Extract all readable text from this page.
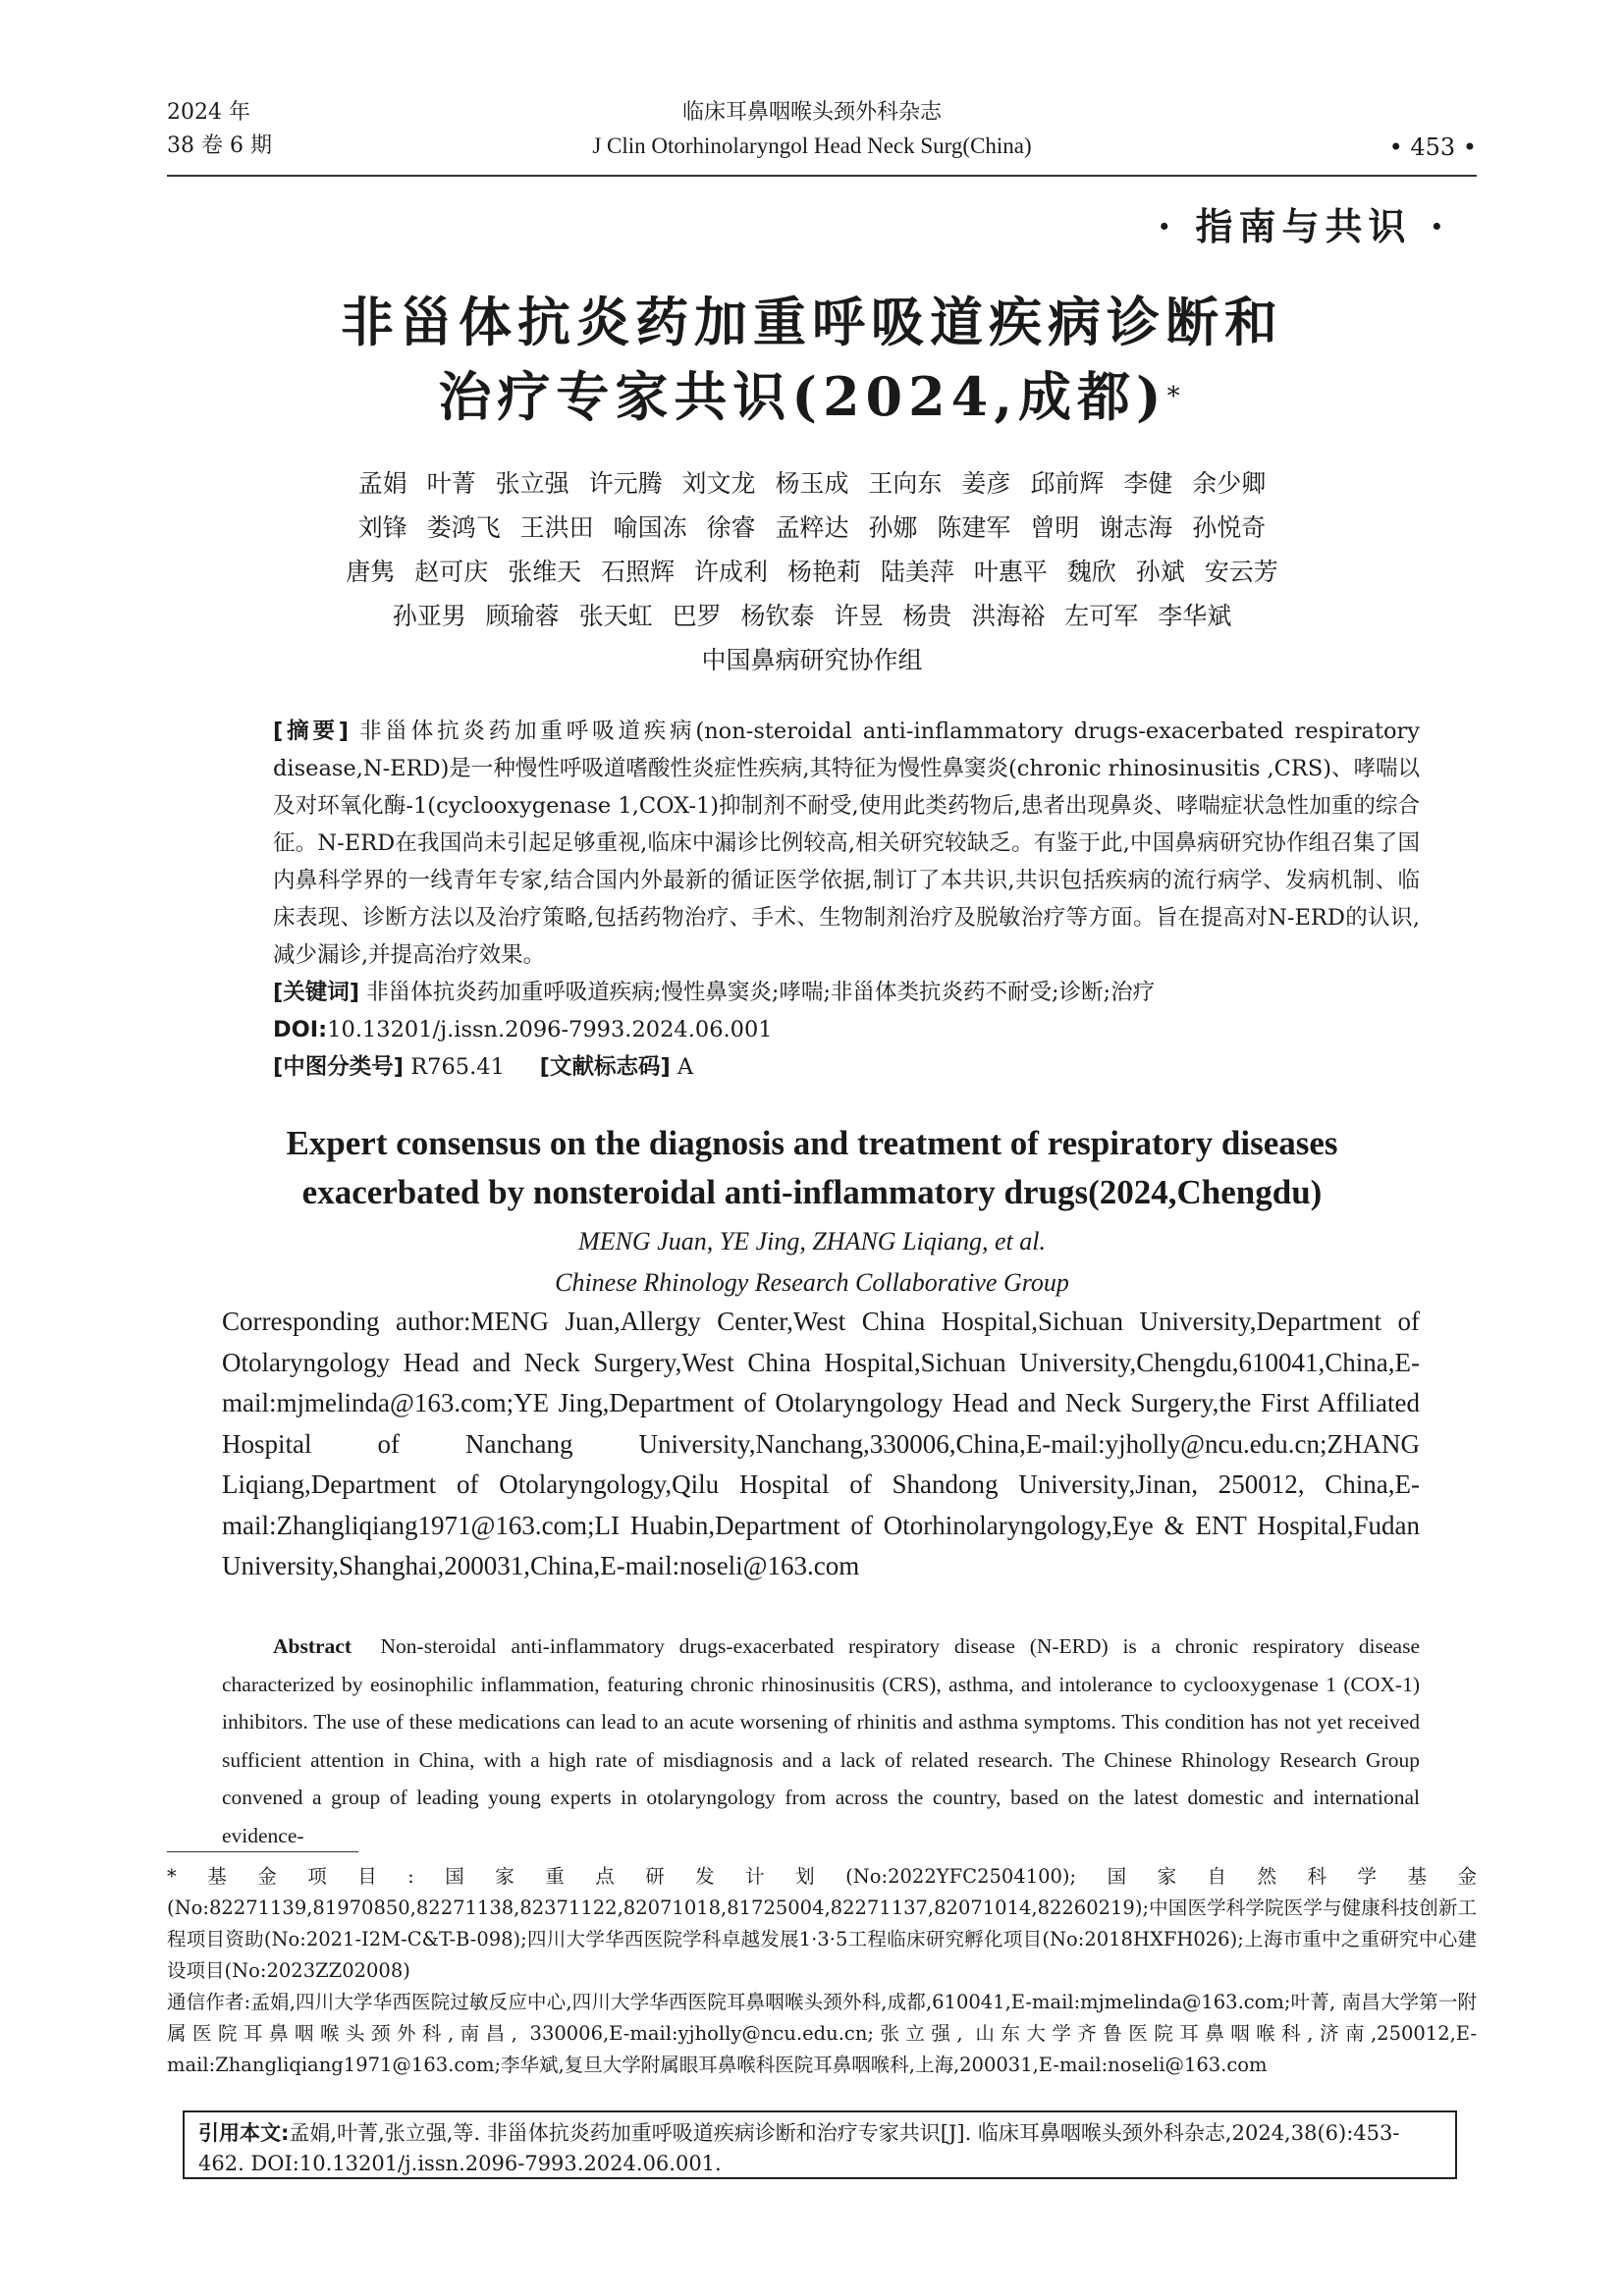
2024 年
38 卷 6 期
临床耳鼻咽喉头颈外科杂志
J Clin Otorhinolaryngol Head Neck Surg(China)	• 453 •
· 指南与共识 ·
非甾体抗炎药加重呼吸道疾病诊断和
治疗专家共识(2024,成都)*
孟娟 叶菁 张立强 许元腾 刘文龙 杨玉成 王向东 姜彦 邱前辉 李健 余少卿
刘锋 娄鸿飞 王洪田 喻国冻 徐睿 孟粹达 孙娜 陈建军 曾明 谢志海 孙悦奇
唐隽 赵可庆 张维天 石照辉 许成利 杨艳莉 陆美萍 叶惠平 魏欣 孙斌 安云芳
孙亚男 顾瑜蓉 张天虹 巴罗 杨钦泰 许昱 杨贵 洪海裕 左可军 李华斌
中国鼻病研究协作组

[摘要] 非甾体抗炎药加重呼吸道疾病(non-steroidal anti-inflammatory drugs-exacerbated respiratory disease,N-ERD)是一种慢性呼吸道嗜酸性炎症性疾病,其特征为慢性鼻窦炎(chronic rhinosinusitis ,CRS)、哮喘以及对环氧化酶-1(cyclooxygenase 1,COX-1)抑制剂不耐受,使用此类药物后,患者出现鼻炎、哮喘症状急性加重的综合征。N-ERD在我国尚未引起足够重视,临床中漏诊比例较高,相关研究较缺乏。有鉴于此,中国鼻病研究协作组召集了国内鼻科学界的一线青年专家,结合国内外最新的循证医学依据,制订了本共识,共识包括疾病的流行病学、发病机制、临床表现、诊断方法以及治疗策略,包括药物治疗、手术、生物制剂治疗及脱敏治疗等方面。旨在提高对N-ERD的认识,减少漏诊,并提高治疗效果。

[关键词] 非甾体抗炎药加重呼吸道疾病;慢性鼻窦炎;哮喘;非甾体类抗炎药不耐受;诊断;治疗

DOI:10.13201/j.issn.2096-7993.2024.06.001

[中图分类号] R765.41 [文献标志码] A

Expert consensus on the diagnosis and treatment of respiratory diseases
exacerbated by nonsteroidal anti-inflammatory drugs(2024,Chengdu)
MENG Juan, YE Jing, ZHANG Liqiang, et al.
Chinese Rhinology Research Collaborative Group
Corresponding author:MENG Juan,Allergy Center,West China Hospital,Sichuan University,Department of Otolaryngology Head and Neck Surgery,West China Hospital,Sichuan University,Chengdu,610041,China,E-mail:mjmelinda@163.com;YE Jing,Department of Otolaryngology Head and Neck Surgery,the First Affiliated Hospital of Nanchang University,Nanchang,330006,China,E-mail:yjholly@ncu.edu.cn;ZHANG Liqiang,Department of Otolaryngology,Qilu Hospital of Shandong University,Jinan, 250012, China,E-mail:Zhangliqiang1971@163.com;LI Huabin,Department of Otorhinolaryngology,Eye & ENT Hospital,Fudan University,Shanghai,200031,China,E-mail:noseli@163.com
Abstract Non-steroidal anti-inflammatory drugs-exacerbated respiratory disease (N-ERD) is a chronic respiratory disease characterized by eosinophilic inflammation, featuring chronic rhinosinusitis (CRS), asthma, and intolerance to cyclooxygenase 1 (COX-1) inhibitors. The use of these medications can lead to an acute worsening of rhinitis and asthma symptoms. This condition has not yet received sufficient attention in China, with a high rate of misdiagnosis and a lack of related research. The Chinese Rhinology Research Group convened a group of leading young experts in otolaryngology from across the country, based on the latest domestic and international evidence-

*基金项目:国家重点研发计划(No:2022YFC2504100);国家自然科学基金(No:82271139,81970850,82271138,82371122,82071018,81725004,82271137,82071014,82260219);中国医学科学院医学与健康科技创新工程项目资助(No:2021-I2M-C&T-B-098);四川大学华西医院学科卓越发展1·3·5工程临床研究孵化项目(No:2018HXFH026);上海市重中之重研究中心建设项目(No:2023ZZ02008)

通信作者:孟娟,四川大学华西医院过敏反应中心,四川大学华西医院耳鼻咽喉头颈外科,成都,610041,E-mail:mjmelinda@163.com;叶菁, 南昌大学第一附属医院耳鼻咽喉头颈外科,南昌, 330006,E-mail:yjholly@ncu.edu.cn;张立强, 山东大学齐鲁医院耳鼻咽喉科,济南,250012,E-mail:Zhangliqiang1971@163.com;李华斌,复旦大学附属眼耳鼻喉科医院耳鼻咽喉科,上海,200031,E-mail:noseli@163.com

引用本文:孟娟,叶菁,张立强,等. 非甾体抗炎药加重呼吸道疾病诊断和治疗专家共识[J]. 临床耳鼻咽喉头颈外科杂志,2024,38(6):453-462. DOI:10.13201/j.issn.2096-7993.2024.06.001.
